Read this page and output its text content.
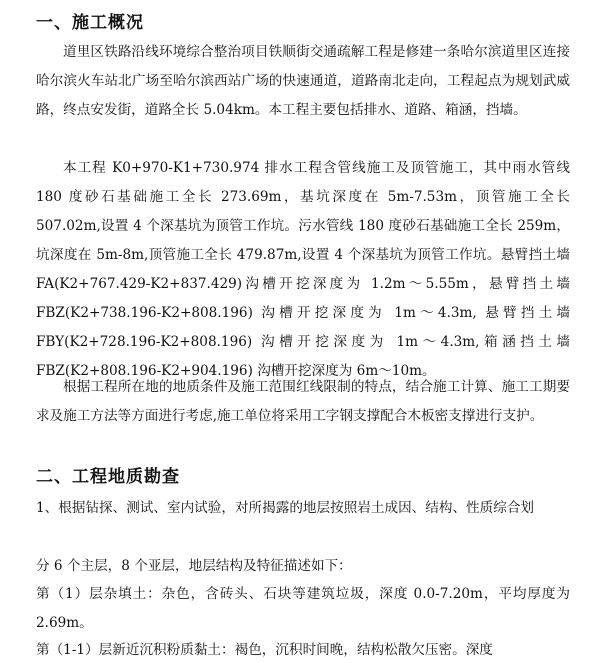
一、施工概况

道里区铁路沿线环境综合整治项目铁顺街交通疏解工程是修建一条哈尔滨道里区连接哈尔滨火车站北广场至哈尔滨西站广场的快速通道，道路南北走向，工程起点为规划武威路，终点安发街，道路全长 5.04km。本工程主要包括排水、道路、箱涵，挡墙。

本工程 K0+970-K1+730.974 排水工程含管线施工及顶管施工，其中雨水管线 180 度砂石基础施工全长 273.69m，基坑深度在 5m-7.53m，顶管施工全长 507.02m,设置 4 个深基坑为顶管工作坑。污水管线 180 度砂石基础施工全长 259m，坑深度在 5m-8m,顶管施工全长 479.87m,设置 4 个深基坑为顶管工作坑。悬臂挡土墙 FA(K2+767.429-K2+837.429)沟槽开挖深度为 1.2m～5.55m，悬臂挡土墙 FBZ(K2+738.196-K2+808.196) 沟槽开挖深度为 1m～4.3m, 悬臂挡土墙 FBY(K2+728.196-K2+808.196) 沟槽开挖深度为 1m～4.3m,箱涵挡土墙 FBZ(K2+808.196-K2+904.196) 沟槽开挖深度为 6m～10m。

根据工程所在地的地质条件及施工范围红线限制的特点，结合施工计算、施工工期要求及施工方法等方面进行考虑,施工单位将采用工字钢支撑配合木板密支撑进行支护。

二、工程地质勘查

1、根据钻探、测试、室内试验，对所揭露的地层按照岩土成因、结构、性质综合划

分 6 个主层，8 个亚层，地层结构及特征描述如下：

第（1）层杂填土：杂色，含砖头、石块等建筑垃圾，深度 0.0-7.20m，平均厚度为 2.69m。

第（1-1）层新近沉积粉质黏土：褐色，沉积时间晚，结构松散欠压密。深度
